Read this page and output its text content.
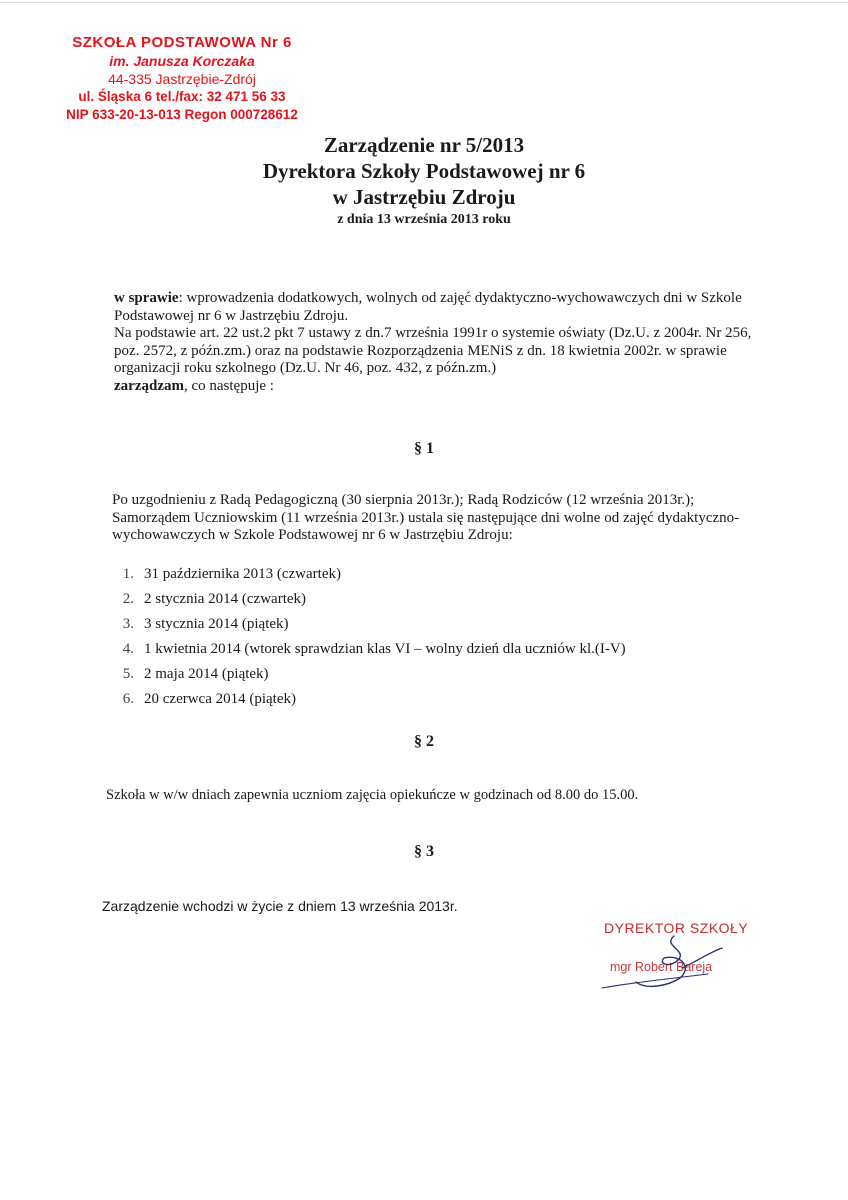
SZKOŁA PODSTAWOWA Nr 6
im. Janusza Korczaka
44-335 Jastrzębie-Zdrój
ul. Śląska 6 tel./fax: 32 471 56 33
NIP 633-20-13-013 Regon 000728612
Zarządzenie nr 5/2013
Dyrektora Szkoły Podstawowej nr 6
w Jastrzębiu Zdroju
z dnia 13 września 2013 roku
w sprawie: wprowadzenia dodatkowych, wolnych od zajęć dydaktyczno-wychowawczych dni w Szkole Podstawowej nr 6 w Jastrzębiu Zdroju.
Na podstawie art. 22 ust.2 pkt 7 ustawy z dn.7 września 1991r o systemie oświaty (Dz.U. z 2004r. Nr 256, poz. 2572, z późn.zm.) oraz na podstawie Rozporządzenia MENiS z dn. 18 kwietnia 2002r. w sprawie organizacji roku szkolnego (Dz.U. Nr 46, poz. 432, z późn.zm.)
zarządzam, co następuje :
§ 1
Po uzgodnieniu z Radą Pedagogiczną (30 sierpnia 2013r.); Radą Rodziców (12 września 2013r.); Samorządem Uczniowskim (11 września 2013r.) ustala się następujące dni wolne od zajęć dydaktyczno-wychowawczych w Szkole Podstawowej nr 6 w Jastrzębiu Zdroju:
1. 31 października 2013 (czwartek)
2. 2 stycznia 2014 (czwartek)
3. 3 stycznia 2014 (piątek)
4. 1 kwietnia 2014 (wtorek sprawdzian klas VI – wolny dzień dla uczniów kl.(I-V)
5. 2 maja 2014 (piątek)
6. 20 czerwca 2014 (piątek)
§ 2
Szkoła w w/w dniach zapewnia uczniom zajęcia opiekuńcze w godzinach od 8.00 do 15.00.
§ 3
Zarządzenie wchodzi w życie z dniem 13 września 2013r.
DYREKTOR SZKOŁY
mgr Robert Bareja
